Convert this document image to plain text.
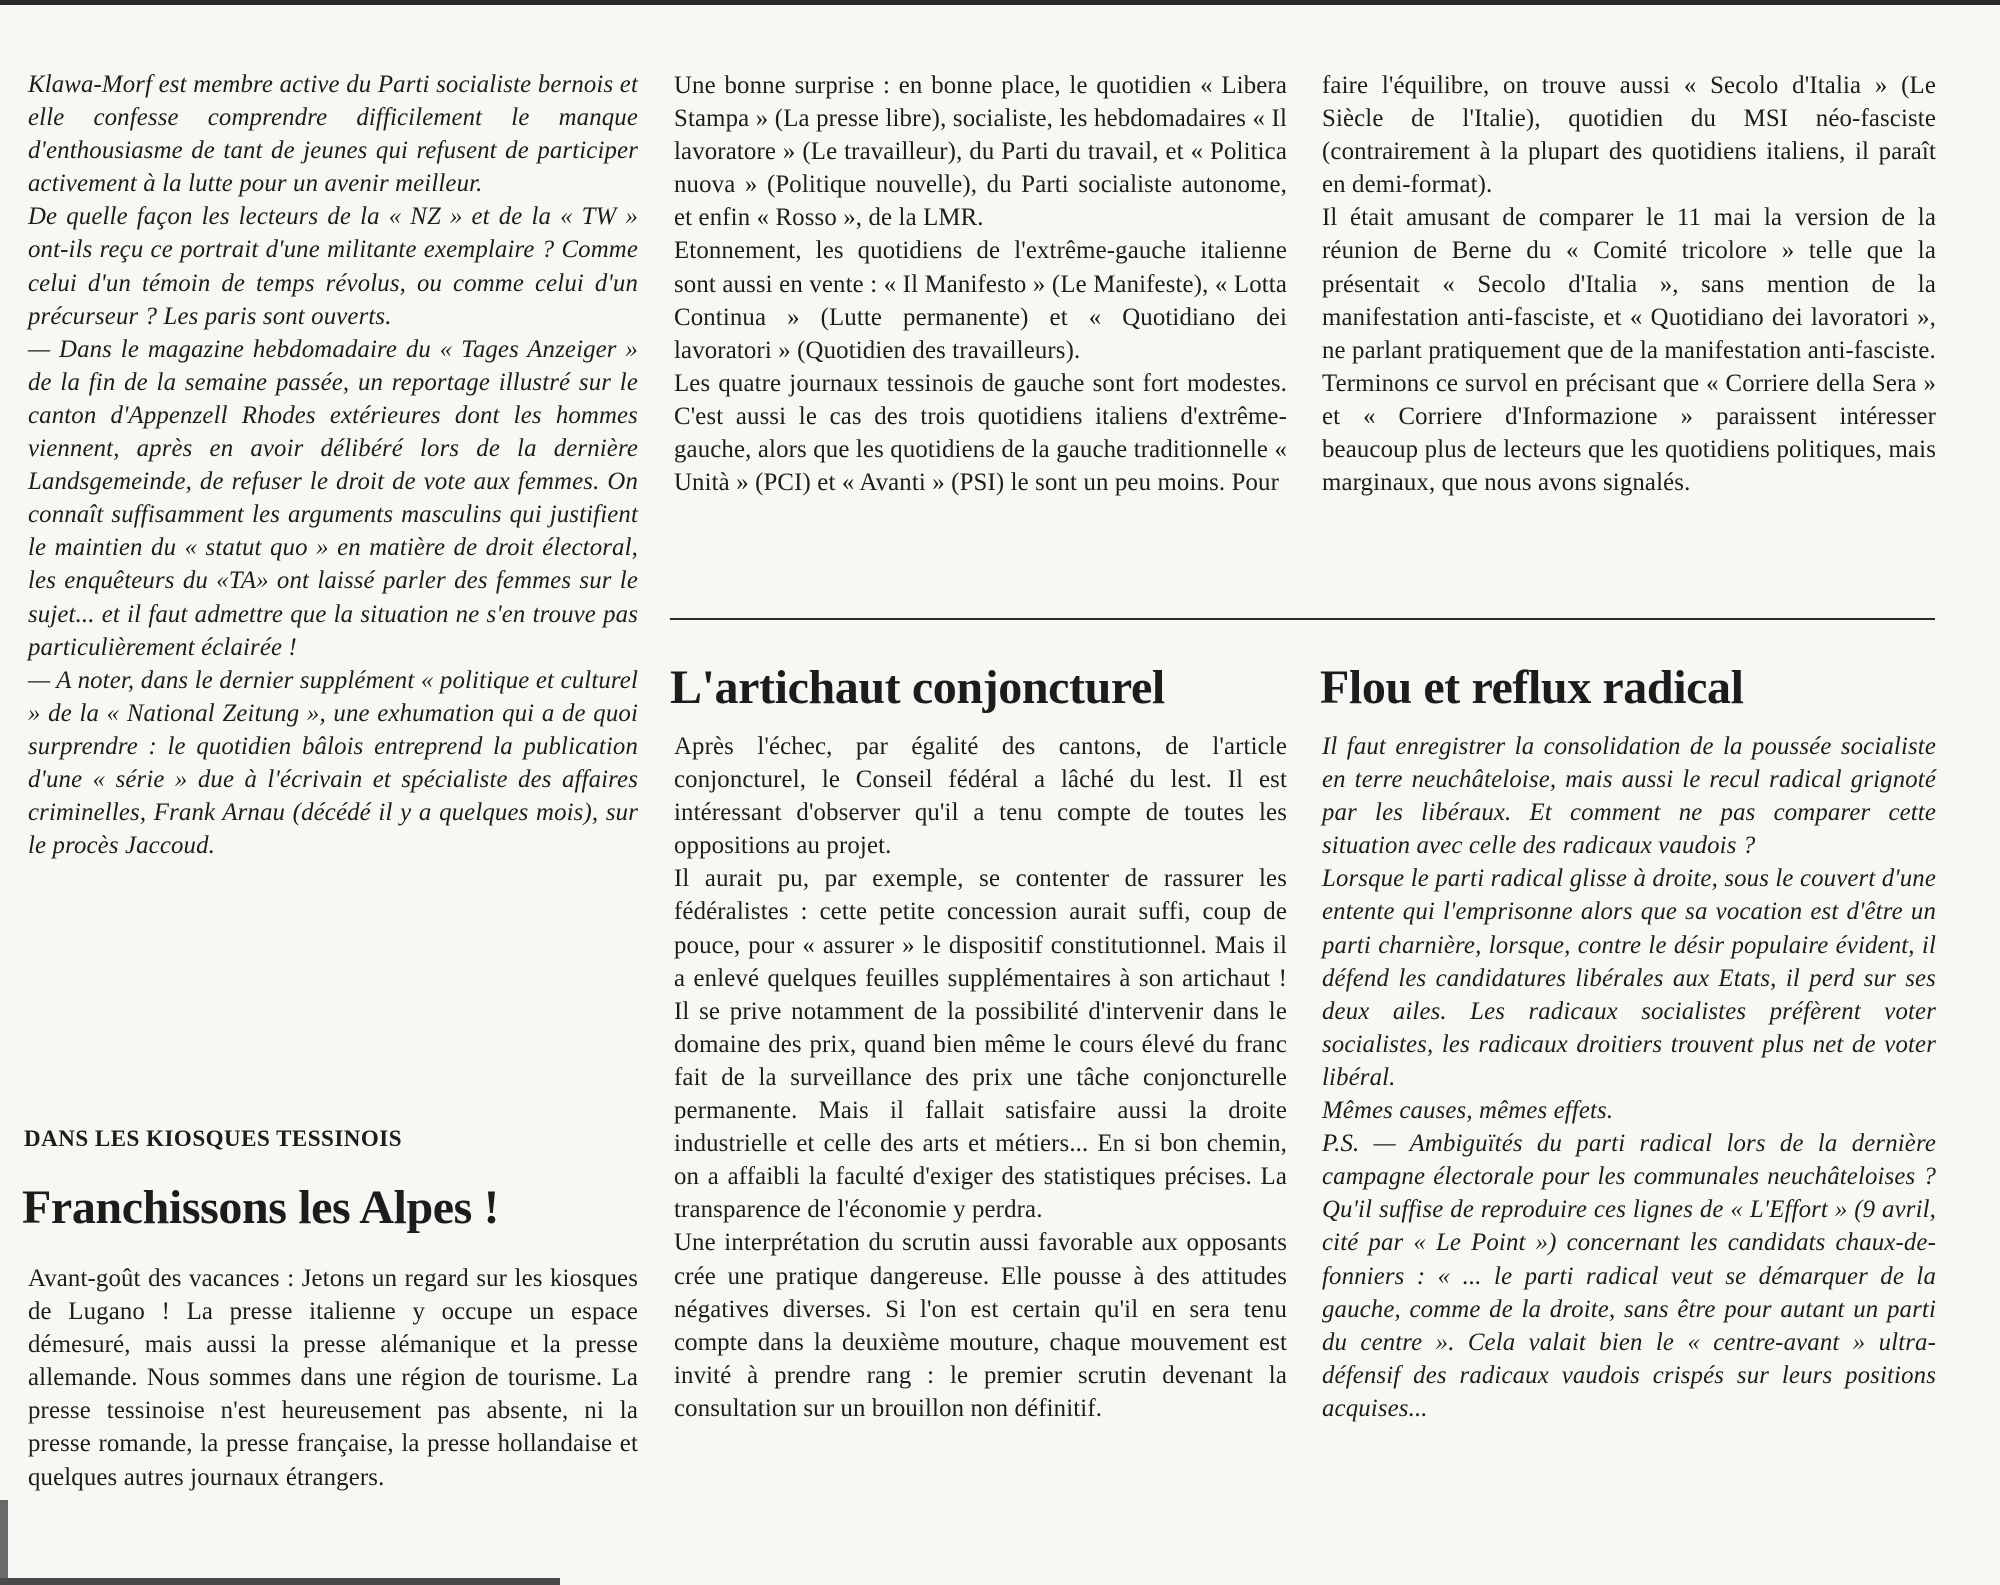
Klawa-Morf est membre active du Parti socialiste bernois et elle confesse comprendre difficilement le manque d'enthousiasme de tant de jeunes qui refusent de participer activement à la lutte pour un avenir meilleur.

De quelle façon les lecteurs de la « NZ » et de la « TW » ont-ils reçu ce portrait d'une militante exemplaire ? Comme celui d'un témoin de temps révolus, ou comme celui d'un précurseur ? Les paris sont ouverts.

— Dans le magazine hebdomadaire du « Tages Anzeiger » de la fin de la semaine passée, un reportage illustré sur le canton d'Appenzell Rhodes extérieures dont les hommes viennent, après en avoir délibéré lors de la dernière Landsgemeinde, de refuser le droit de vote aux femmes. On connaît suffisamment les arguments masculins qui justifient le maintien du « statut quo » en matière de droit électoral, les enquêteurs du «TA» ont laissé parler des femmes sur le sujet... et il faut admettre que la situation ne s'en trouve pas particulièrement éclairée !

— A noter, dans le dernier supplément « politique et culturel » de la « National Zeitung », une exhumation qui a de quoi surprendre : le quotidien bâlois entreprend la publication d'une « série » due à l'écrivain et spécialiste des affaires criminelles, Frank Arnau (décédé il y a quelques mois), sur le procès Jaccoud.

DANS LES KIOSQUES TESSINOIS

Franchissons les Alpes !

Avant-goût des vacances : Jetons un regard sur les kiosques de Lugano ! La presse italienne y occupe un espace démesuré, mais aussi la presse alémanique et la presse allemande. Nous sommes dans une région de tourisme. La presse tessinoise n'est heureusement pas absente, ni la presse romande, la presse française, la presse hollandaise et quelques autres journaux étrangers.

Une bonne surprise : en bonne place, le quotidien « Libera Stampa » (La presse libre), socialiste, les hebdomadaires « Il lavoratore » (Le travailleur), du Parti du travail, et « Politica nuova » (Politique nouvelle), du Parti socialiste autonome, et enfin « Rosso », de la LMR.

Etonnement, les quotidiens de l'extrême-gauche italienne sont aussi en vente : « Il Manifesto » (Le Manifeste), « Lotta Continua » (Lutte permanente) et « Quotidiano dei lavoratori » (Quotidien des travailleurs).

Les quatre journaux tessinois de gauche sont fort modestes. C'est aussi le cas des trois quotidiens italiens d'extrême-gauche, alors que les quotidiens de la gauche traditionnelle « Unità » (PCI) et « Avanti » (PSI) le sont un peu moins. Pour

faire l'équilibre, on trouve aussi « Secolo d'Italia » (Le Siècle de l'Italie), quotidien du MSI néo-fasciste (contrairement à la plupart des quotidiens italiens, il paraît en demi-format).

Il était amusant de comparer le 11 mai la version de la réunion de Berne du « Comité tricolore » telle que la présentait « Secolo d'Italia », sans mention de la manifestation anti-fasciste, et « Quotidiano dei lavoratori », ne parlant pratiquement que de la manifestation anti-fasciste.

Terminons ce survol en précisant que « Corriere della Sera » et « Corriere d'Informazione » paraissent intéresser beaucoup plus de lecteurs que les quotidiens politiques, mais marginaux, que nous avons signalés.

L'artichaut conjoncturel

Après l'échec, par égalité des cantons, de l'article conjoncturel, le Conseil fédéral a lâché du lest. Il est intéressant d'observer qu'il a tenu compte de toutes les oppositions au projet.

Il aurait pu, par exemple, se contenter de rassurer les fédéralistes : cette petite concession aurait suffi, coup de pouce, pour « assurer » le dispositif constitutionnel. Mais il a enlevé quelques feuilles supplémentaires à son artichaut ! Il se prive notamment de la possibilité d'intervenir dans le domaine des prix, quand bien même le cours élevé du franc fait de la surveillance des prix une tâche conjoncturelle permanente. Mais il fallait satisfaire aussi la droite industrielle et celle des arts et métiers... En si bon chemin, on a affaibli la faculté d'exiger des statistiques précises. La transparence de l'économie y perdra.

Une interprétation du scrutin aussi favorable aux opposants crée une pratique dangereuse. Elle pousse à des attitudes négatives diverses. Si l'on est certain qu'il en sera tenu compte dans la deuxième mouture, chaque mouvement est invité à prendre rang : le premier scrutin devenant la consultation sur un brouillon non définitif.

Flou et reflux radical

Il faut enregistrer la consolidation de la poussée socialiste en terre neuchâteloise, mais aussi le recul radical grignoté par les libéraux. Et comment ne pas comparer cette situation avec celle des radicaux vaudois ?

Lorsque le parti radical glisse à droite, sous le couvert d'une entente qui l'emprisonne alors que sa vocation est d'être un parti charnière, lorsque, contre le désir populaire évident, il défend les candidatures libérales aux Etats, il perd sur ses deux ailes. Les radicaux socialistes préfèrent voter socialistes, les radicaux droitiers trouvent plus net de voter libéral.

Mêmes causes, mêmes effets.

P.S. — Ambiguïtés du parti radical lors de la dernière campagne électorale pour les communales neuchâteloises ? Qu'il suffise de reproduire ces lignes de « L'Effort » (9 avril, cité par « Le Point ») concernant les candidats chaux-de-fonniers : « ... le parti radical veut se démarquer de la gauche, comme de la droite, sans être pour autant un parti du centre ». Cela valait bien le « centre-avant » ultra-défensif des radicaux vaudois crispés sur leurs positions acquises...
